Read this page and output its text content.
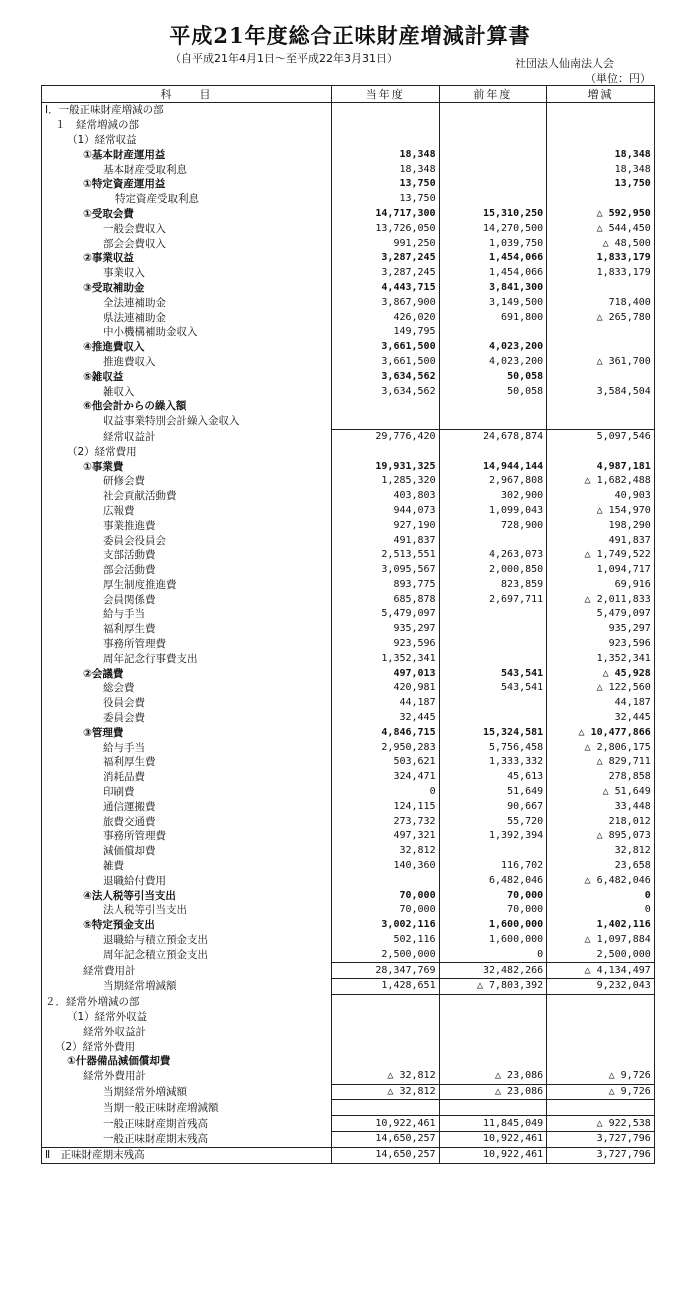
平成21年度総合正味財産増減計算書
（自平成21年4月1日～至平成22年3月31日）	社団法人仙南法人会
（単位：円）
科　　目	当年度	前年度	増減
Ⅰ．一般正味財産増減の部			
１　経常増減の部			
（1）経常収益			
①基本財産運用益	18,348		18,348
基本財産受取利息	18,348		18,348
①特定資産運用益	13,750		13,750
特定資産受取利息	13,750		
①受取会費	14,717,300	15,310,250	△ 592,950
一般会費収入	13,726,050	14,270,500	△ 544,450
部会会費収入	991,250	1,039,750	△ 48,500
②事業収益	3,287,245	1,454,066	1,833,179
事業収入	3,287,245	1,454,066	1,833,179
③受取補助金	4,443,715	3,841,300	
全法連補助金	3,867,900	3,149,500	718,400
県法連補助金	426,020	691,800	△ 265,780
中小機構補助金収入	149,795		
④推進費収入	3,661,500	4,023,200	
推進費収入	3,661,500	4,023,200	△ 361,700
⑤雑収益	3,634,562	50,058	
雑収入	3,634,562	50,058	3,584,504
⑥他会計からの繰入額			
収益事業特別会計繰入金収入			
経常収益計	29,776,420	24,678,874	5,097,546
（2）経常費用			
①事業費	19,931,325	14,944,144	4,987,181
研修会費	1,285,320	2,967,808	△ 1,682,488
社会貢献活動費	403,803	302,900	40,903
広報費	944,073	1,099,043	△ 154,970
事業推進費	927,190	728,900	198,290
委員会役員会	491,837		491,837
支部活動費	2,513,551	4,263,073	△ 1,749,522
部会活動費	3,095,567	2,000,850	1,094,717
厚生制度推進費	893,775	823,859	69,916
会員関係費	685,878	2,697,711	△ 2,011,833
給与手当	5,479,097		5,479,097
福利厚生費	935,297		935,297
事務所管理費	923,596		923,596
周年記念行事費支出	1,352,341		1,352,341
②会議費	497,013	543,541	△ 45,928
総会費	420,981	543,541	△ 122,560
役員会費	44,187		44,187
委員会費	32,445		32,445
③管理費	4,846,715	15,324,581	△ 10,477,866
給与手当	2,950,283	5,756,458	△ 2,806,175
福利厚生費	503,621	1,333,332	△ 829,711
消耗品費	324,471	45,613	278,858
印刷費	0	51,649	△ 51,649
通信運搬費	124,115	90,667	33,448
旅費交通費	273,732	55,720	218,012
事務所管理費	497,321	1,392,394	△ 895,073
減価償却費	32,812		32,812
雑費	140,360	116,702	23,658
退職給付費用		6,482,046	△ 6,482,046
④法人税等引当支出	70,000	70,000	0
法人税等引当支出	70,000	70,000	0
⑤特定預金支出	3,002,116	1,600,000	1,402,116
退職給与積立預金支出	502,116	1,600,000	△ 1,097,884
周年記念積立預金支出	2,500,000	0	2,500,000
経常費用計	28,347,769	32,482,266	△ 4,134,497
当期経常増減額	1,428,651	△ 7,803,392	9,232,043
２．経常外増減の部			
（1）経常外収益			
経常外収益計			
（2）経常外費用			
①什器備品減価償却費			
経常外費用計	△ 32,812	△ 23,086	△ 9,726
当期経常外増減額	△ 32,812	△ 23,086	△ 9,726
当期一般正味財産増減額			
一般正味財産期首残高	10,922,461	11,845,049	△ 922,538
一般正味財産期末残高	14,650,257	10,922,461	3,727,796
Ⅱ　正味財産期末残高	14,650,257	10,922,461	3,727,796
